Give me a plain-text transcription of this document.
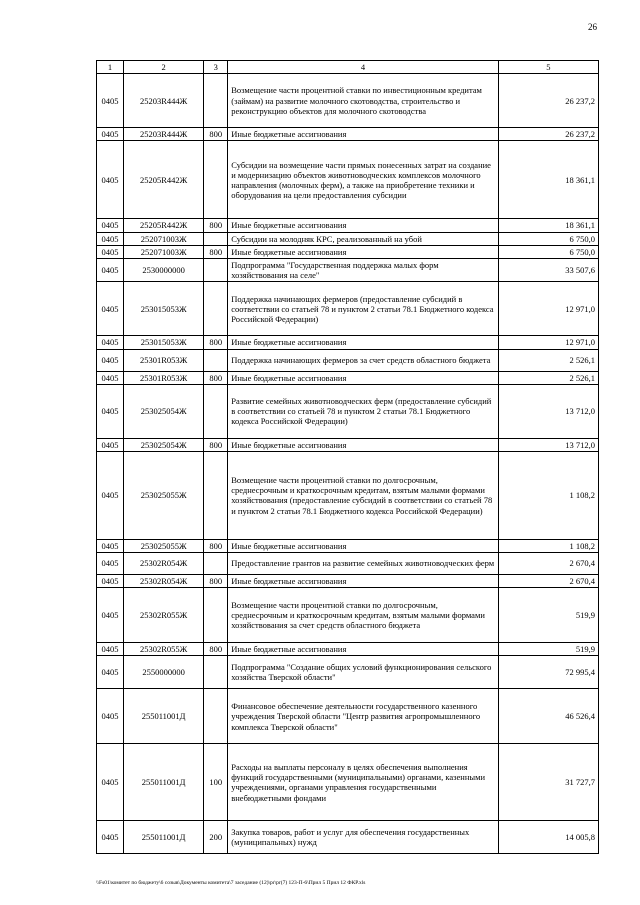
26
1	2	3	4	5
0405	25203R444Ж		Возмещение части процентной ставки по инвестиционным кредитам (займам) на развитие молочного скотоводства, строительство и реконструкцию объектов для молочного скотоводства	26 237,2
0405	25203R444Ж	800	Иные бюджетные ассигнования	26 237,2
0405	25205R442Ж		Субсидии на возмещение части прямых понесенных затрат на создание и модернизацию объектов животноводческих комплексов молочного направления (молочных ферм), а также на приобретение техники и оборудования на цели предоставления субсидии	18 361,1
0405	25205R442Ж	800	Иные бюджетные ассигнования	18 361,1
0405	252071003Ж		Субсидии на молодняк КРС, реализованный на убой	6 750,0
0405	252071003Ж	800	Иные бюджетные ассигнования	6 750,0
0405	2530000000		Подпрограмма "Государственная поддержка малых форм хозяйствования на селе"	33 507,6
0405	253015053Ж		Поддержка начинающих фермеров (предоставление субсидий в соответствии со статьей 78 и пунктом 2 статьи 78.1 Бюджетного кодекса Российской Федерации)	12 971,0
0405	253015053Ж	800	Иные бюджетные ассигнования	12 971,0
0405	25301R053Ж		Поддержка начинающих фермеров за счет средств областного бюджета	2 526,1
0405	25301R053Ж	800	Иные бюджетные ассигнования	2 526,1
0405	253025054Ж		Развитие семейных животноводческих ферм (предоставление субсидий в соответствии со статьей 78 и пунктом 2 статьи 78.1 Бюджетного кодекса Российской Федерации)	13 712,0
0405	253025054Ж	800	Иные бюджетные ассигнования	13 712,0
0405	253025055Ж		Возмещение части процентной ставки по долгосрочным, среднесрочным и краткосрочным кредитам, взятым малыми формами хозяйствования (предоставление субсидий в соответствии со статьей 78 и пунктом 2 статьи 78.1 Бюджетного кодекса Российской Федерации)	1 108,2
0405	253025055Ж	800	Иные бюджетные ассигнования	1 108,2
0405	25302R054Ж		Предоставление грантов на развитие семейных животноводческих ферм	2 670,4
0405	25302R054Ж	800	Иные бюджетные ассигнования	2 670,4
0405	25302R055Ж		Возмещение части процентной ставки по долгосрочным, среднесрочным и краткосрочным кредитам, взятым малыми формами хозяйствования за счет средств областного бюджета	519,9
0405	25302R055Ж	800	Иные бюджетные ассигнования	519,9
0405	2550000000		Подпрограмма "Создание общих условий функционирования сельского хозяйства Тверской области"	72 995,4
0405	255011001Д		Финансовое обеспечение деятельности государственного казенного учреждения Тверской области "Центр развития агропромышленного комплекса Тверской области"	46 526,4
0405	255011001Д	100	Расходы на выплаты персоналу в целях обеспечения выполнения функций государственными (муниципальными) органами, казенными учреждениями, органами управления государственными внебюджетными фондами	31 727,7
0405	255011001Д	200	Закупка товаров, работ и услуг для обеспечения государственных (муниципальных) нужд	14 005,8
\\Fs01\комитет по бюджету\6 созыв\Документы комитета\7 заседание (12)\pr\pr(7) 123-П-6\Прил 5 Прил 12 ФКР.xls
